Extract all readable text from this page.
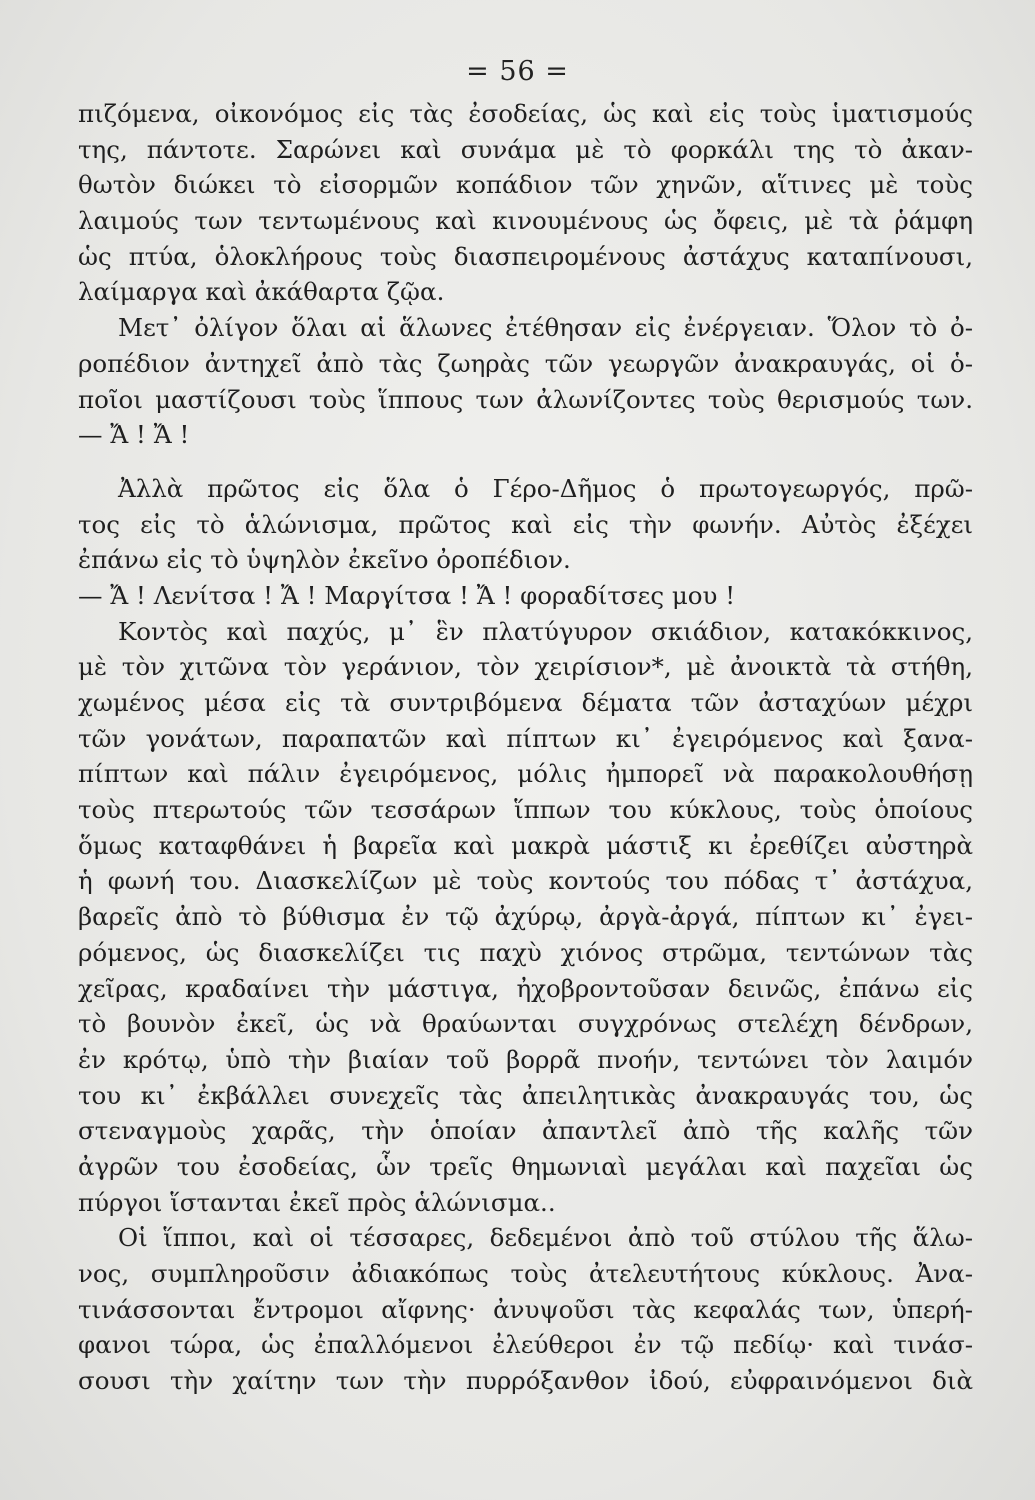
= 56 =
πιζόμενα, οἰκονόμος εἰς τὰς ἐσοδείας, ὡς καὶ εἰς τοὺς ἱματισμούς
της, πάντοτε. Σαρώνει καὶ συνάμα μὲ τὸ φορκάλι της τὸ ἀκαν-
θωτὸν διώκει τὸ εἰσορμῶν κοπάδιον τῶν χηνῶν, αἵτινες μὲ τοὺς
λαιμούς των τεντωμένους καὶ κινουμένους ὡς ὄφεις, μὲ τὰ ῥάμφη
ὡς πτύα, ὁλοκλήρους τοὺς διασπειρομένους ἀστάχυς καταπίνουσι,
λαίμαργα καὶ ἀκάθαρτα ζῷα.
Μετ᾽ ὀλίγον ὅλαι αἱ ἅλωνες ἐτέθησαν εἰς ἐνέργειαν. Ὅλον τὸ ὀ-
ροπέδιον ἀντηχεῖ ἀπὸ τὰς ζωηρὰς τῶν γεωργῶν ἀνακραυγάς, οἱ ὁ-
ποῖοι μαστίζουσι τοὺς ἵππους των ἀλωνίζοντες τοὺς θερισμούς των.
— Ἄ ! Ἄ !
Ἀλλὰ πρῶτος εἰς ὅλα ὁ Γέρο-Δῆμος ὁ πρωτογεωργός, πρῶ-
τος εἰς τὸ ἁλώνισμα, πρῶτος καὶ εἰς τὴν φωνήν. Αὐτὸς ἐξέχει
ἐπάνω εἰς τὸ ὑψηλὸν ἐκεῖνο ὀροπέδιον.
— Ἄ ! Λενίτσα ! Ἄ ! Μαργίτσα ! Ἄ ! φοραδίτσες μου !
Κοντὸς καὶ παχύς, μ᾽ ἓν πλατύγυρον σκιάδιον, κατακόκκινος,
μὲ τὸν χιτῶνα τὸν γεράνιον, τὸν χειρίσιον*, μὲ ἀνοικτὰ τὰ στήθη,
χωμένος μέσα εἰς τὰ συντριβόμενα δέματα τῶν ἀσταχύων μέχρι
τῶν γονάτων, παραπατῶν καὶ πίπτων κι᾽ ἐγειρόμενος καὶ ξανα-
πίπτων καὶ πάλιν ἐγειρόμενος, μόλις ἠμπορεῖ νὰ παρακολουθήσῃ
τοὺς πτερωτούς τῶν τεσσάρων ἵππων του κύκλους, τοὺς ὁποίους
ὅμως καταφθάνει ἡ βαρεῖα καὶ μακρὰ μάστιξ κι ἐρεθίζει αὐστηρὰ
ἡ φωνή του. Διασκελίζων μὲ τοὺς κοντούς του πόδας τ᾽ ἀστάχυα,
βαρεῖς ἀπὸ τὸ βύθισμα ἐν τῷ ἀχύρῳ, ἀργὰ-ἀργά, πίπτων κι᾽ ἐγει-
ρόμενος, ὡς διασκελίζει τις παχὺ χιόνος στρῶμα, τεντώνων τὰς
χεῖρας, κραδαίνει τὴν μάστιγα, ἠχοβροντοῦσαν δεινῶς, ἐπάνω εἰς
τὸ βουνὸν ἐκεῖ, ὡς νὰ θραύωνται συγχρόνως στελέχη δένδρων,
ἐν κρότῳ, ὑπὸ τὴν βιαίαν τοῦ βορρᾶ πνοήν, τεντώνει τὸν λαιμόν
του κι᾽ ἐκβάλλει συνεχεῖς τὰς ἀπειλητικὰς ἀνακραυγάς του, ὡς
στεναγμοὺς χαρᾶς, τὴν ὁποίαν ἀπαντλεῖ ἀπὸ τῆς καλῆς τῶν
ἀγρῶν του ἐσοδείας, ὧν τρεῖς θημωνιαὶ μεγάλαι καὶ παχεῖαι ὡς
πύργοι ἵστανται ἐκεῖ πρὸς ἁλώνισμα..
Οἱ ἵπποι, καὶ οἱ τέσσαρες, δεδεμένοι ἀπὸ τοῦ στύλου τῆς ἅλω-
νος, συμπληροῦσιν ἀδιακόπως τοὺς ἀτελευτήτους κύκλους. Ἀνα-
τινάσσονται ἔντρομοι αἴφνης· ἀνυψοῦσι τὰς κεφαλάς των, ὑπερή-
φανοι τώρα, ὡς ἐπαλλόμενοι ἐλεύθεροι ἐν τῷ πεδίῳ· καὶ τινάσ-
σουσι τὴν χαίτην των τὴν πυρρόξανθον ἰδού, εὐφραινόμενοι διὰ
